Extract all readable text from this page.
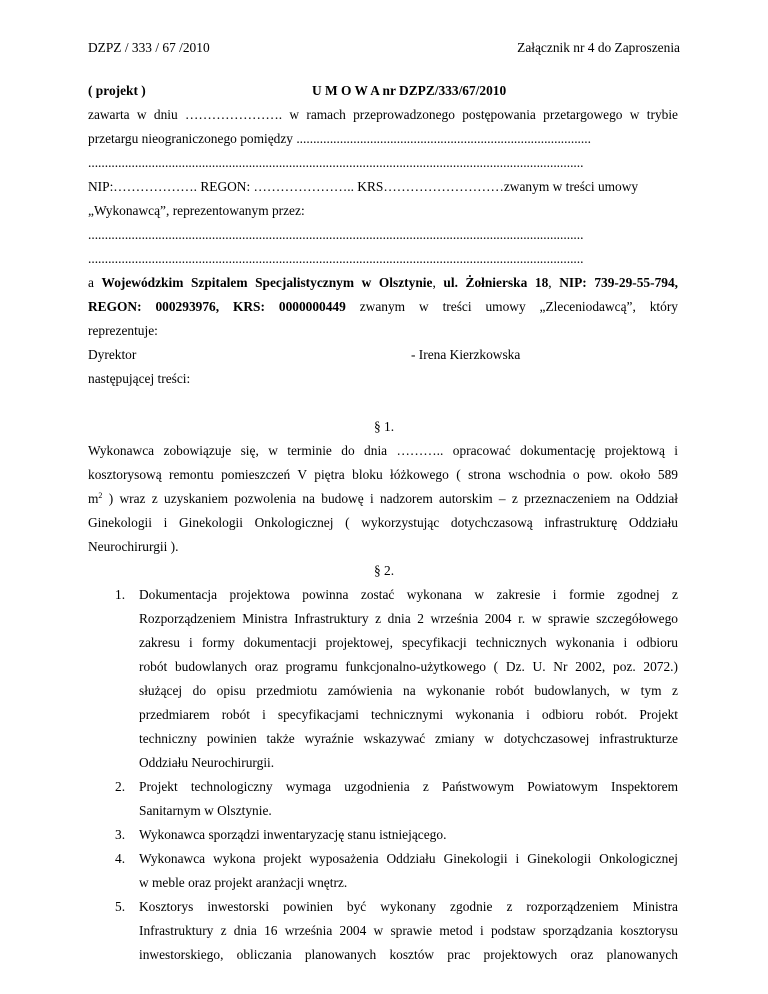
DZPZ / 333 / 67 /2010	Załącznik nr 4 do Zaproszenia
( projekt )	U M O W A nr DZPZ/333/67/2010
zawarta w dniu …………………. w ramach przeprowadzonego postępowania przetargowego w trybie
przetargu nieograniczonego pomiędzy ........................................................................................
....................................................................................................................................................
NIP:………………. REGON: ………………….. KRS………………………zwanym w treści umowy
„Wykonawcą”, reprezentowanym przez:
....................................................................................................................................................
....................................................................................................................................................
a Wojewódzkim Szpitalem Specjalistycznym w Olsztynie, ul. Żołnierska 18, NIP: 739-29-55-794,
REGON: 000293976, KRS: 0000000449 zwanym w treści umowy „Zleceniodawcą”, który
reprezentuje:
Dyrektor	- Irena Kierzkowska
następującej treści:
§ 1.
Wykonawca zobowiązuje się, w terminie do dnia ……….. opracować dokumentację projektową i
kosztorysową remontu pomieszczeń V piętra bloku łóżkowego ( strona wschodnia o pow. około 589
$m^2$ ) wraz z uzyskaniem pozwolenia na budowę i nadzorem autorskim – z przeznaczeniem na Oddział
Ginekologii i Ginekologii Onkologicznej ( wykorzystując dotychczasową infrastrukturę Oddziału
Neurochirurgii ).
§ 2.
1. Dokumentacja projektowa powinna zostać wykonana w zakresie i formie zgodnej z
Rozporządzeniem Ministra Infrastruktury z dnia 2 września 2004 r. w sprawie szczegółowego
zakresu i formy dokumentacji projektowej, specyfikacji technicznych wykonania i odbioru
robót budowlanych oraz programu funkcjonalno-użytkowego ( Dz. U. Nr 2002, poz. 2072.)
służącej do opisu przedmiotu zamówienia na wykonanie robót budowlanych, w tym z
przedmiarem robót i specyfikacjami technicznymi wykonania i odbioru robót. Projekt
techniczny powinien także wyraźnie wskazywać zmiany w dotychczasowej infrastrukturze
Oddziału Neurochirurgii.
2. Projekt technologiczny wymaga uzgodnienia z Państwowym Powiatowym Inspektorem
Sanitarnym w Olsztynie.
3. Wykonawca sporządzi inwentaryzację stanu istniejącego.
4. Wykonawca wykona projekt wyposażenia Oddziału Ginekologii i Ginekologii Onkologicznej
w meble oraz projekt aranżacji wnętrz.
5. Kosztorys inwestorski powinien być wykonany zgodnie z rozporządzeniem Ministra
Infrastruktury z dnia 16 września 2004 w sprawie metod i podstaw sporządzania kosztorysu
inwestorskiego, obliczania planowanych kosztów prac projektowych oraz planowanych
